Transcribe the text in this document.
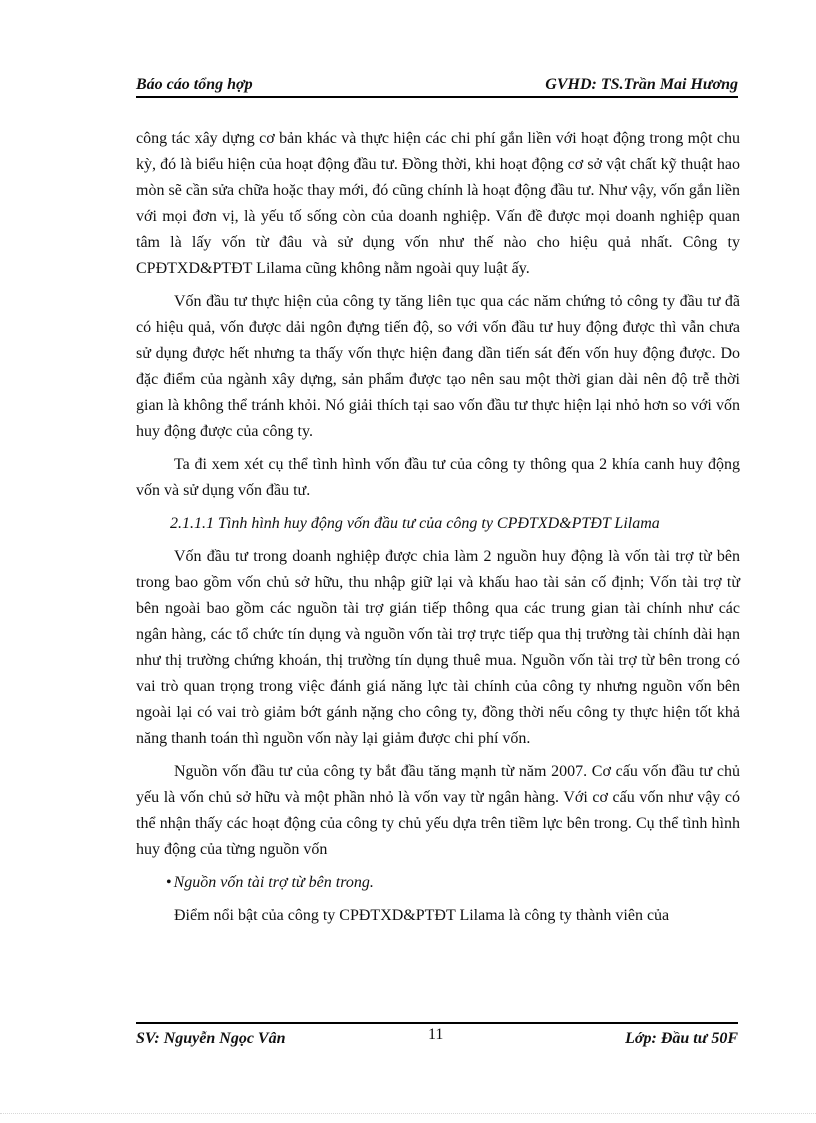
Báo cáo tổng hợp	GVHD: TS.Trần Mai Hương

công tác xây dựng cơ bản khác và thực hiện các chi phí gắn liền với hoạt động trong một chu kỳ, đó là biểu hiện của hoạt động đầu tư. Đồng thời, khi hoạt động cơ sở vật chất kỹ thuật hao mòn sẽ cần sửa chữa hoặc thay mới, đó cũng chính là hoạt động đầu tư. Như vậy, vốn gắn liền với mọi đơn vị, là yếu tố sống còn của doanh nghiệp. Vấn đề được mọi doanh nghiệp quan tâm là lấy vốn từ đâu và sử dụng vốn như thế nào cho hiệu quả nhất. Công ty CPĐTXD&PTĐT Lilama cũng không nằm ngoài quy luật ấy.

Vốn đầu tư thực hiện của công ty tăng liên tục qua các năm chứng tỏ công ty đầu tư đã có hiệu quả, vốn được dải ngôn đựng tiến độ, so với vốn đầu tư huy động được thì vẫn chưa sử dụng được hết nhưng ta thấy vốn thực hiện đang dần tiến sát đến vốn huy động được. Do đặc điểm của ngành xây dựng, sản phẩm được tạo nên sau một thời gian dài nên độ trễ thời gian là không thể tránh khỏi. Nó giải thích tại sao vốn đầu tư thực hiện lại nhỏ hơn so với vốn huy động được của công ty.

Ta đi xem xét cụ thể tình hình vốn đầu tư của công ty thông qua 2 khía canh huy động vốn và sử dụng vốn đầu tư.

2.1.1.1 Tình hình huy động vốn đầu tư của công ty CPĐTXD&PTĐT Lilama

Vốn đầu tư trong doanh nghiệp được chia làm 2 nguồn huy động là vốn tài trợ từ bên trong bao gồm vốn chủ sở hữu, thu nhập giữ lại và khấu hao tài sản cố định; Vốn tài trợ từ bên ngoài bao gồm các nguồn tài trợ gián tiếp thông qua các trung gian tài chính như các ngân hàng, các tổ chức tín dụng và nguồn vốn tài trợ trực tiếp qua thị trường tài chính dài hạn như thị trường chứng khoán, thị trường tín dụng thuê mua. Nguồn vốn tài trợ từ bên trong có vai trò quan trọng trong việc đánh giá năng lực tài chính của công ty nhưng nguồn vốn bên ngoài lại có vai trò giảm bớt gánh nặng cho công ty, đồng thời nếu công ty thực hiện tốt khả năng thanh toán thì nguồn vốn này lại giảm được chi phí vốn.

Nguồn vốn đầu tư của công ty bắt đầu tăng mạnh từ năm 2007. Cơ cấu vốn đầu tư chủ yếu là vốn chủ sở hữu và một phần nhỏ là vốn vay từ ngân hàng. Với cơ cấu vốn như vậy có thể nhận thấy các hoạt động của công ty chủ yếu dựa trên tiềm lực bên trong. Cụ thể tình hình huy động của từng nguồn vốn

• Nguồn vốn tài trợ từ bên trong.

Điểm nổi bật của công ty CPĐTXD&PTĐT Lilama là công ty thành viên của

SV: Nguyễn Ngọc Vân	11	Lớp: Đầu tư 50F
